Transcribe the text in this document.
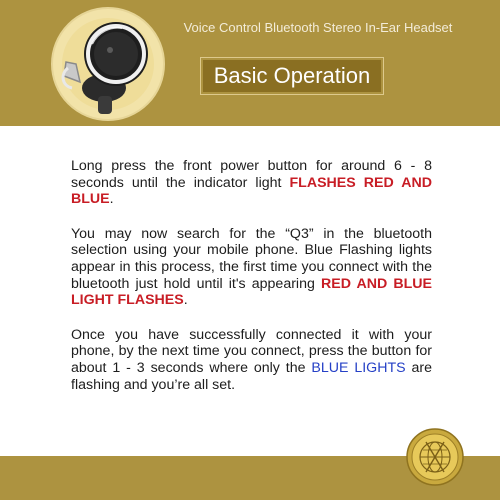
Voice Control Bluetooth Stereo In-Ear Headset
Basic Operation

Long press the front power button for around 6 - 8 seconds until the indicator light FLASHES RED AND BLUE.

You may now search for the “Q3” in the bluetooth selection using your mobile phone. Blue Flashing lights appear in this process, the first time you connect with the bluetooth just hold until it's appearing RED AND BLUE LIGHT FLASHES.

Once you have successfully connected it with your phone, by the next time you connect, press the button for about 1 - 3 seconds where only the BLUE LIGHTS are flashing and you’re all set.
